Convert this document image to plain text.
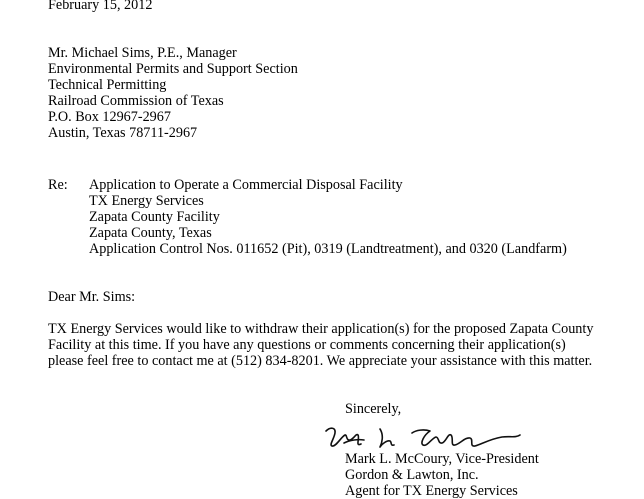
February 15, 2012
Mr. Michael Sims, P.E., Manager
Environmental Permits and Support Section
Technical Permitting
Railroad Commission of Texas
P.O. Box 12967-2967
Austin, Texas 78711-2967
Re: Application to Operate a Commercial Disposal Facility
TX Energy Services
Zapata County Facility
Zapata County, Texas
Application Control Nos. 011652 (Pit), 0319 (Landtreatment), and 0320 (Landfarm)
Dear Mr. Sims:
TX Energy Services would like to withdraw their application(s) for the proposed Zapata County
Facility at this time. If you have any questions or comments concerning their application(s)
please feel free to contact me at (512) 834-8201. We appreciate your assistance with this matter.
Sincerely,
Mark L. McCoury, Vice-President
Gordon & Lawton, Inc.
Agent for TX Energy Services
